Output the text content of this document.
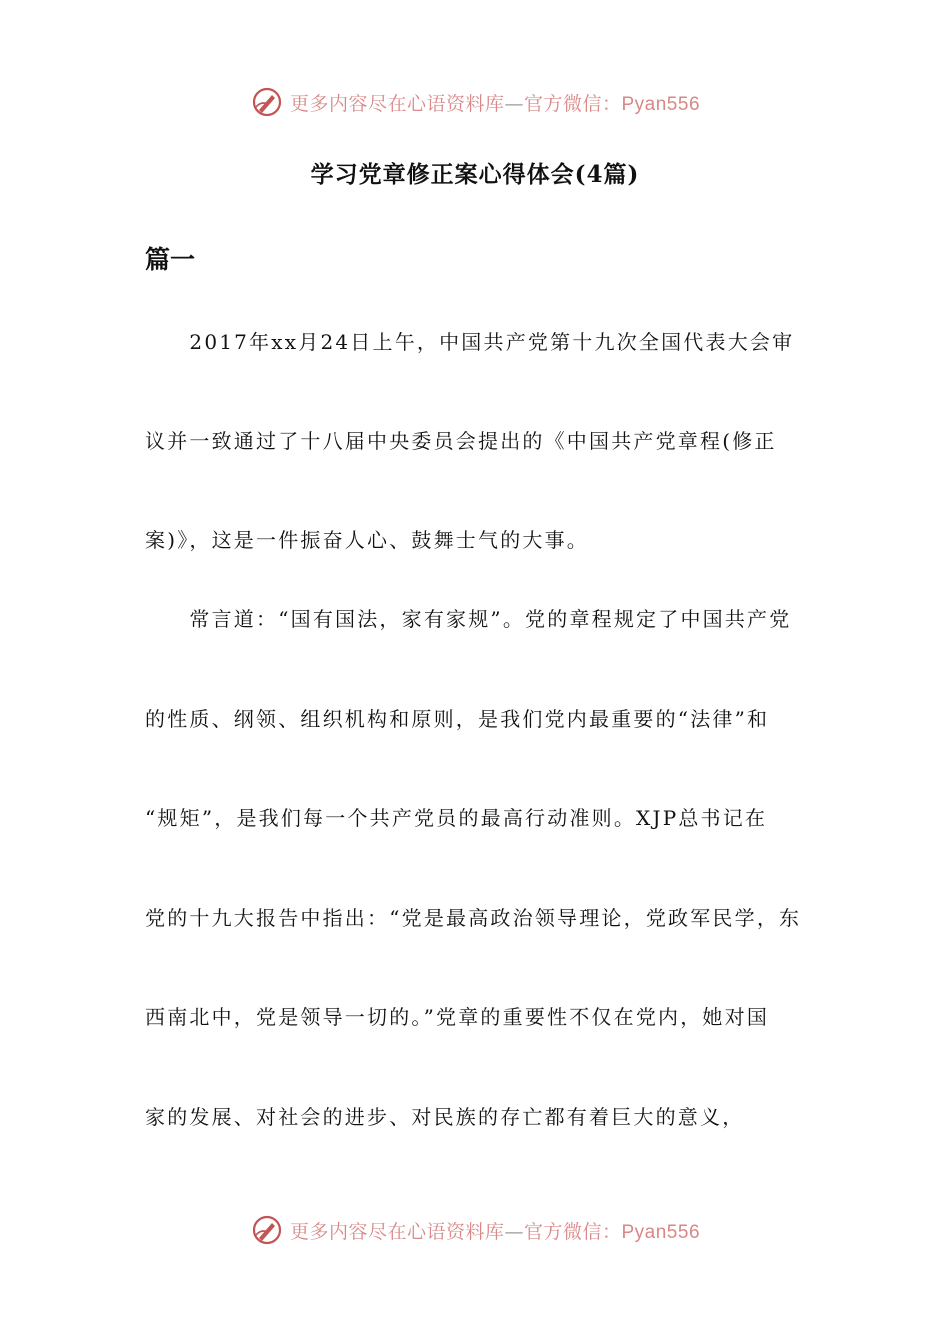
更多内容尽在心语资料库—官方微信：Pyan556
学习党章修正案心得体会(4篇)
篇一

　　2017年xx月24日上午，中国共产党第十九次全国代表大会审

议并一致通过了十八届中央委员会提出的《中国共产党章程(修正

案)》，这是一件振奋人心、鼓舞士气的大事。

　　常言道：“国有国法，家有家规”。党的章程规定了中国共产党

的性质、纲领、组织机构和原则，是我们党内最重要的“法律”和

“规矩”，是我们每一个共产党员的最高行动准则。XJP总书记在

党的十九大报告中指出：“党是最高政治领导理论，党政军民学，东

西南北中，党是领导一切的。”党章的重要性不仅在党内，她对国

家的发展、对社会的进步、对民族的存亡都有着巨大的意义，

更多内容尽在心语资料库—官方微信：Pyan556
